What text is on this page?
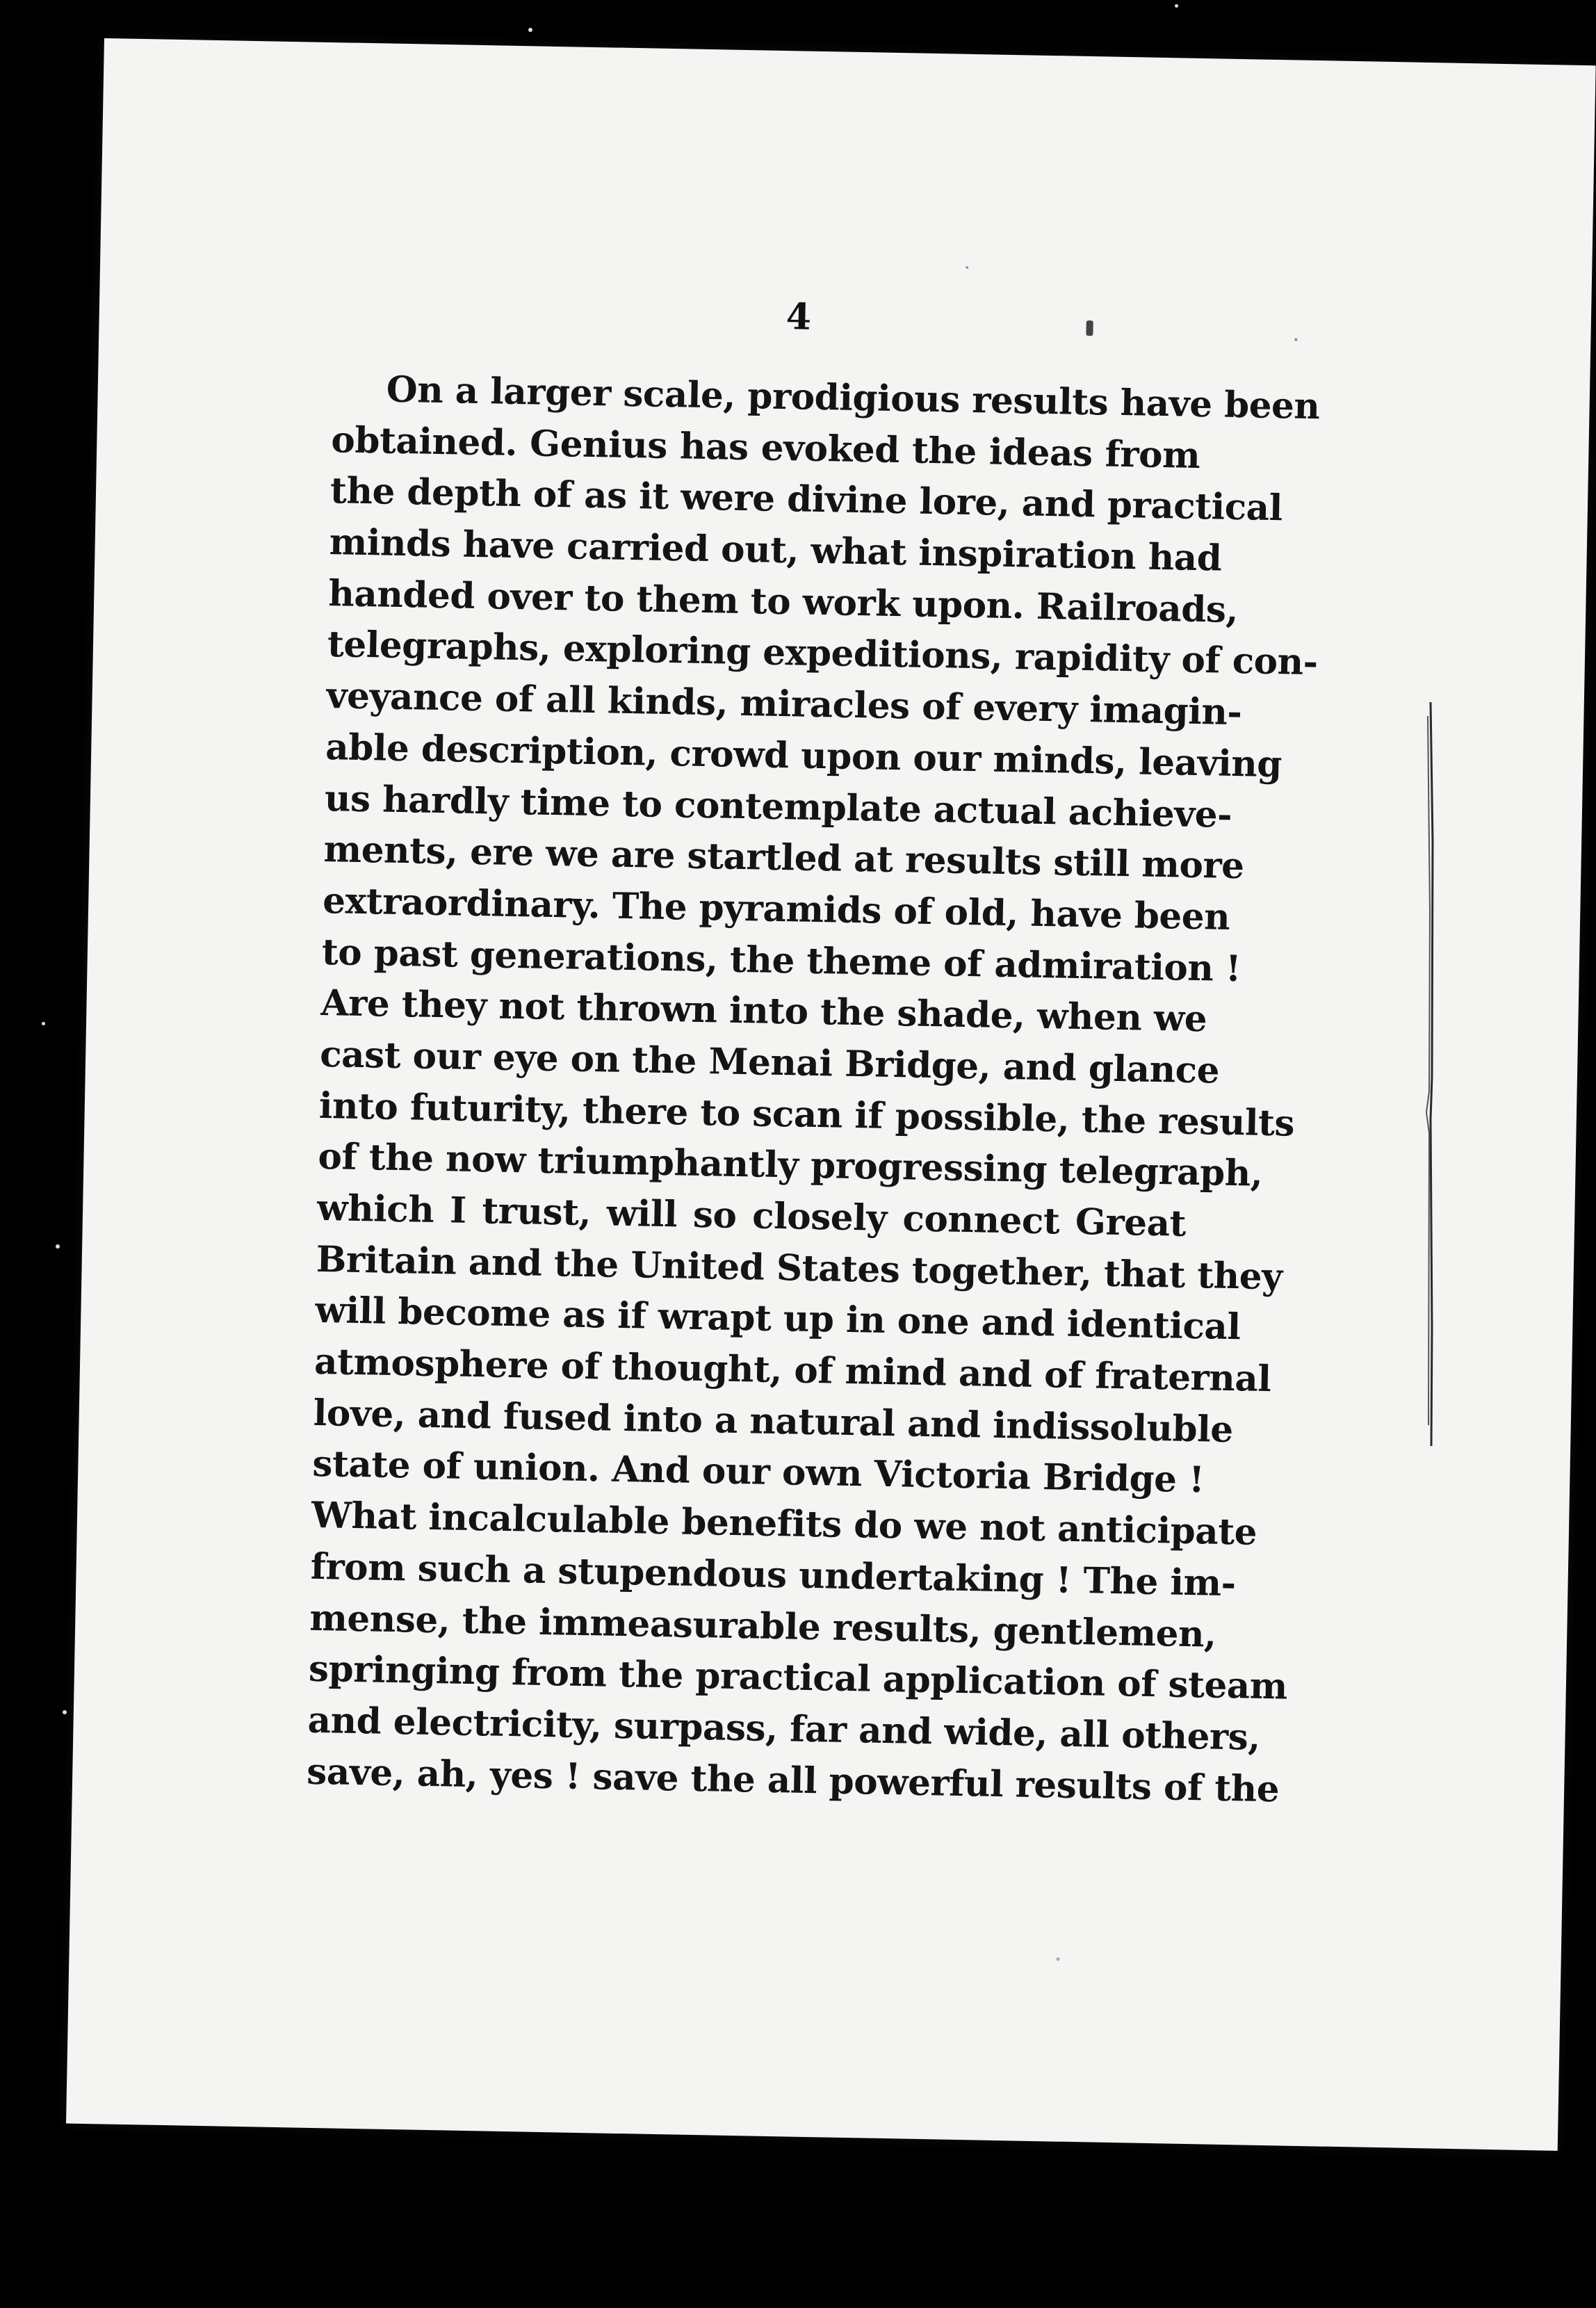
4
On a larger scale, prodigious results have been
obtained. Genius has evoked the ideas from
the depth of as it were divine lore, and practical
minds have carried out, what inspiration had
handed over to them to work upon. Railroads,
telegraphs, exploring expeditions, rapidity of con-
veyance of all kinds, miracles of every imagin-
able description, crowd upon our minds, leaving
us hardly time to contemplate actual achieve-
ments, ere we are startled at results still more
extraordinary. The pyramids of old, have been
to past generations, the theme of admiration !
Are they not thrown into the shade, when we
cast our eye on the Menai Bridge, and glance
into futurity, there to scan if possible, the results
of the now triumphantly progressing telegraph,
which I trust, will so closely connect Great
Britain and the United States together, that they
will become as if wrapt up in one and identical
atmosphere of thought, of mind and of fraternal
love, and fused into a natural and indissoluble
state of union. And our own Victoria Bridge !
What incalculable benefits do we not anticipate
from such a stupendous undertaking ! The im-
mense, the immeasurable results, gentlemen,
springing from the practical application of steam
and electricity, surpass, far and wide, all others,
save, ah, yes ! save the all powerful results of the
